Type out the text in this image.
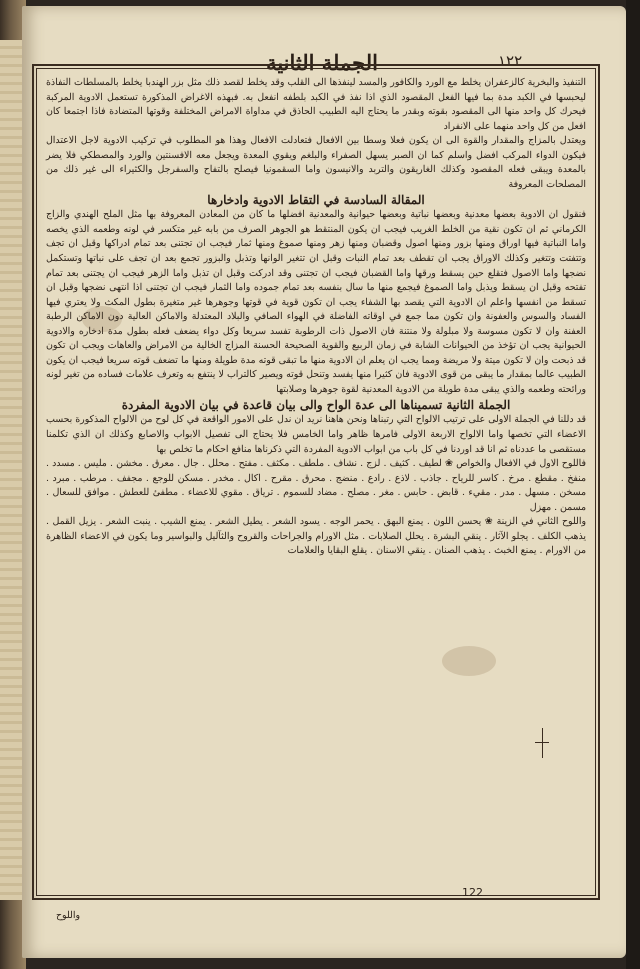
الجملة الثانية	١٢٢

التنفيذ والبخرية كالزعفران يخلط مع الورد والكافور والمسد لينفذها الى القلب وقد يخلط لقصد ذلك مثل بزر الهندبا يخلط بالمسلطات النفاذة ليحبسها في الكبد مدة بما فيها الفعل المقصود الذي اذا نفذ في الكبد بلطفه انفعل به. فبهذه الاغراض المذكورة تستعمل الادوية المركبة فيحرك كل واحد منها الى المقصود بقوته وبقدر ما يحتاج اليه الطبيب الحاذق في مداواة الامراض المختلفة وقوتها المتضادة فاذا اجتمعا كان افعل من كل واحد منهما على الانفراد

ويعتدل بالمزاج والمقدار والقوة الى ان يكون فعلا وسطا بين الافعال فتعادلت الافعال وهذا هو المطلوب في تركيب الادوية لاجل الاعتدال فيكون الدواء المركب افضل واسلم كما ان الصبر يسهل الصفراء والبلغم ويقوي المعدة ويجعل معه الافسنتين والورد والمصطكي فلا يضر بالمعدة ويبقى فعله المقصود وكذلك الغاريقون والتربد والانيسون واما السقمونيا فيصلح بالتفاح والسفرجل والكثيراء الى غير ذلك من المصلحات المعروفة

المقالة السادسة في التقاط الادوية وادخارها

فنقول ان الادوية بعضها معدنية وبعضها نباتية وبعضها حيوانية والمعدنية افضلها ما كان من المعادن المعروفة بها مثل الملح الهندي والزاج الكرماني ثم ان تكون نقية من الخلط الغريب فيجب ان يكون المنتقط هو الجوهر الصرف من بابه غير متكسر في لونه وطعمه الذي يخصه واما النباتية فيها اوراق ومنها بزور ومنها اصول وقضبان ومنها زهر ومنها صموغ ومنها ثمار فيجب ان تجتنى بعد تمام ادراكها وقبل ان تجف وتتفتت وتتغير وكذلك الاوراق يجب ان تقطف بعد تمام النبات وقبل ان تتغير الوانها وتذبل والبزور تجمع بعد ان تجف على نباتها وتستكمل نضجها واما الاصول فتقلع حين يسقط ورقها واما القضبان فيجب ان تجتنى وقد ادركت وقبل ان تذبل واما الزهر فيجب ان يجتنى بعد تمام تفتحه وقبل ان يسقط ويذبل واما الصموغ فيجمع منها ما سال بنفسه بعد تمام جموده واما الثمار فيجب ان تجتنى اذا انتهى نضجها وقبل ان تسقط من انفسها واعلم ان الادوية التي يقصد بها الشفاء يجب ان تكون قوية في قوتها وجوهرها غير متغيرة بطول المكث ولا يعتري فيها الفساد والسوس والعفونة وان تكون مما جمع في اوقاته الفاضلة في الهواء الصافي والبلاد المعتدلة والاماكن العالية دون الاماكن الرطبة العفنة وان لا تكون مسوسة ولا مبلولة ولا منتنة فان الاصول ذات الرطوبة تفسد سريعا وكل دواء يضعف فعله بطول مدة ادخاره والادوية الحيوانية يجب ان تؤخذ من الحيوانات الشابة في زمان الربيع والقوية الصحيحة الحسنة المزاج الخالية من الامراض والعاهات ويجب ان تكون قد ذبحت وان لا تكون ميتة ولا مريضة ومما يجب ان يعلم ان الادوية منها ما تبقى قوته مدة طويلة ومنها ما تضعف قوته سريعا فيجب ان يكون الطبيب عالما بمقدار ما يبقى من قوى الادوية فان كثيرا منها يفسد وتنحل قوته ويصير كالتراب لا ينتفع به وتعرف علامات فساده من تغير لونه ورائحته وطعمه والذي يبقى مدة طويلة من الادوية المعدنية لقوة جوهرها وصلابتها

الجملة الثانية تسميناها الى عدة الواح والى بيان قاعدة في بيان الادوية المفردة

قد دللنا في الجملة الاولى على ترتيب الالواح التي رتبناها ونحن هاهنا نريد ان ندل على الامور الواقعة في كل لوح من الالواح المذكورة بحسب الاعضاء التي تخصها واما الالواح الاربعة الاولى فامرها ظاهر واما الخامس فلا يحتاج الى تفصيل الابواب والاصابع وكذلك ان الذي تكلمنا مستقصى ما عددناه ثم انا قد اوردنا في كل باب من ابواب الادوية المفردة التي ذكرناها منافع احكام ما تخلص بها

فاللوح الاول في الافعال والخواص ❀ لطيف . كثيف . لزج . نشاف . ملطف . مكثف . مفتح . محلل . جال . معرق . مخشن . مليس . مسدد . منفخ . مقطع . مرخ . كاسر للرياح . جاذب . لاذع . رادع . منضج . محرق . مقرح . اكال . مخدر . مسكن للوجع . مجفف . مرطب . مبرد . مسخن . مسهل . مدر . مقيء . قابض . حابس . مغر . مصلح . مضاد للسموم . ترياق . مقوي للاعضاء . مطفئ للعطش . موافق للسعال . مسمن . مهزل

واللوح الثاني في الزينة ❀ يحسن اللون . يمنع البهق . يحمر الوجه . يسود الشعر . يطيل الشعر . يمنع الشيب . ينبت الشعر . يزيل القمل . يذهب الكلف . يجلو الآثار . ينقي البشرة . يحلل الصلابات . مثل الاورام والجراحات والقروح والثآليل والبواسير وما يكون في الاعضاء الظاهرة من الاورام . يمنع الخبث . يذهب الصنان . ينقي الاسنان . يقلع البقايا والعلامات

واللوح
122
